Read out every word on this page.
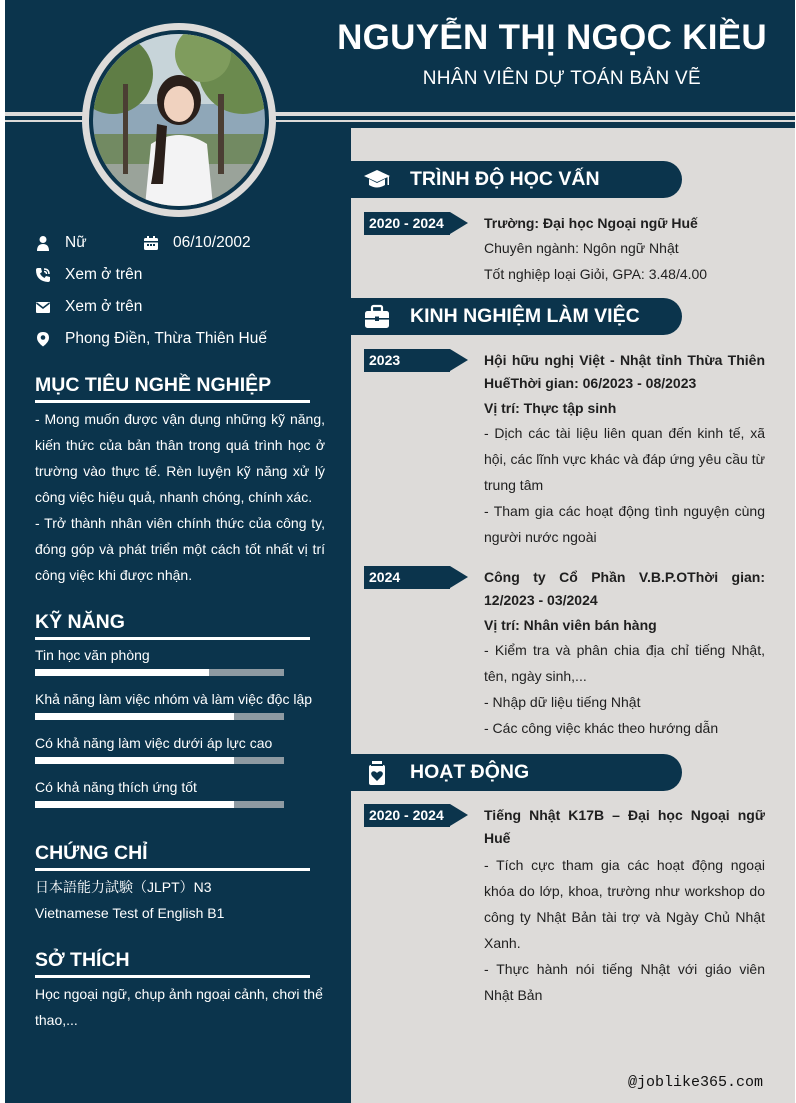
NGUYỄN THỊ NGỌC KIỀU
NHÂN VIÊN DỰ TOÁN BẢN VẼ
Nữ	06/10/2002
Xem ở trên
Xem ở trên
Phong Điền, Thừa Thiên Huế
MỤC TIÊU NGHỀ NGHIỆP

- Mong muốn được vận dụng những kỹ năng, kiến thức của bản thân trong quá trình học ở trường vào thực tế. Rèn luyện kỹ năng xử lý công việc hiệu quả, nhanh chóng, chính xác.

- Trở thành nhân viên chính thức của công ty, đóng góp và phát triển một cách tốt nhất vị trí công việc khi được nhận.

KỸ NĂNG
Tin học văn phòng
Khả năng làm việc nhóm và làm việc độc lập
Có khả năng làm việc dưới áp lực cao
Có khả năng thích ứng tốt
CHỨNG CHỈ

日本語能力試験（JLPT）N3

Vietnamese Test of English B1

SỞ THÍCH
Học ngoại ngữ, chụp ảnh ngoại cảnh, chơi thể thao,...
TRÌNH ĐỘ HỌC VẤN
2020 - 2024	Trường: Đại học Ngoại ngữ Huế

Chuyên ngành: Ngôn ngữ Nhật

Tốt nghiệp loại Giỏi, GPA: 3.48/4.00

KINH NGHIỆM LÀM VIỆC
2023	Hội hữu nghị Việt - Nhật tỉnh Thừa Thiên HuếThời gian: 06/2023 - 08/2023

Vị trí: Thực tập sinh

- Dịch các tài liệu liên quan đến kinh tế, xã hội, các lĩnh vực khác và đáp ứng yêu cầu từ trung tâm

- Tham gia các hoạt động tình nguyện cùng người nước ngoài

2024	Công ty Cổ Phần V.B.P.OThời gian: 12/2023 - 03/2024

Vị trí: Nhân viên bán hàng

- Kiểm tra và phân chia địa chỉ tiếng Nhật, tên, ngày sinh,...

- Nhập dữ liệu tiếng Nhật

- Các công việc khác theo hướng dẫn

HOẠT ĐỘNG
2020 - 2024	Tiếng Nhật K17B – Đại học Ngoại ngữ Huế

- Tích cực tham gia các hoạt động ngoại khóa do lớp, khoa, trường như workshop do công ty Nhật Bản tài trợ và Ngày Chủ Nhật Xanh.

- Thực hành nói tiếng Nhật với giáo viên Nhật Bản

@joblike365.com
